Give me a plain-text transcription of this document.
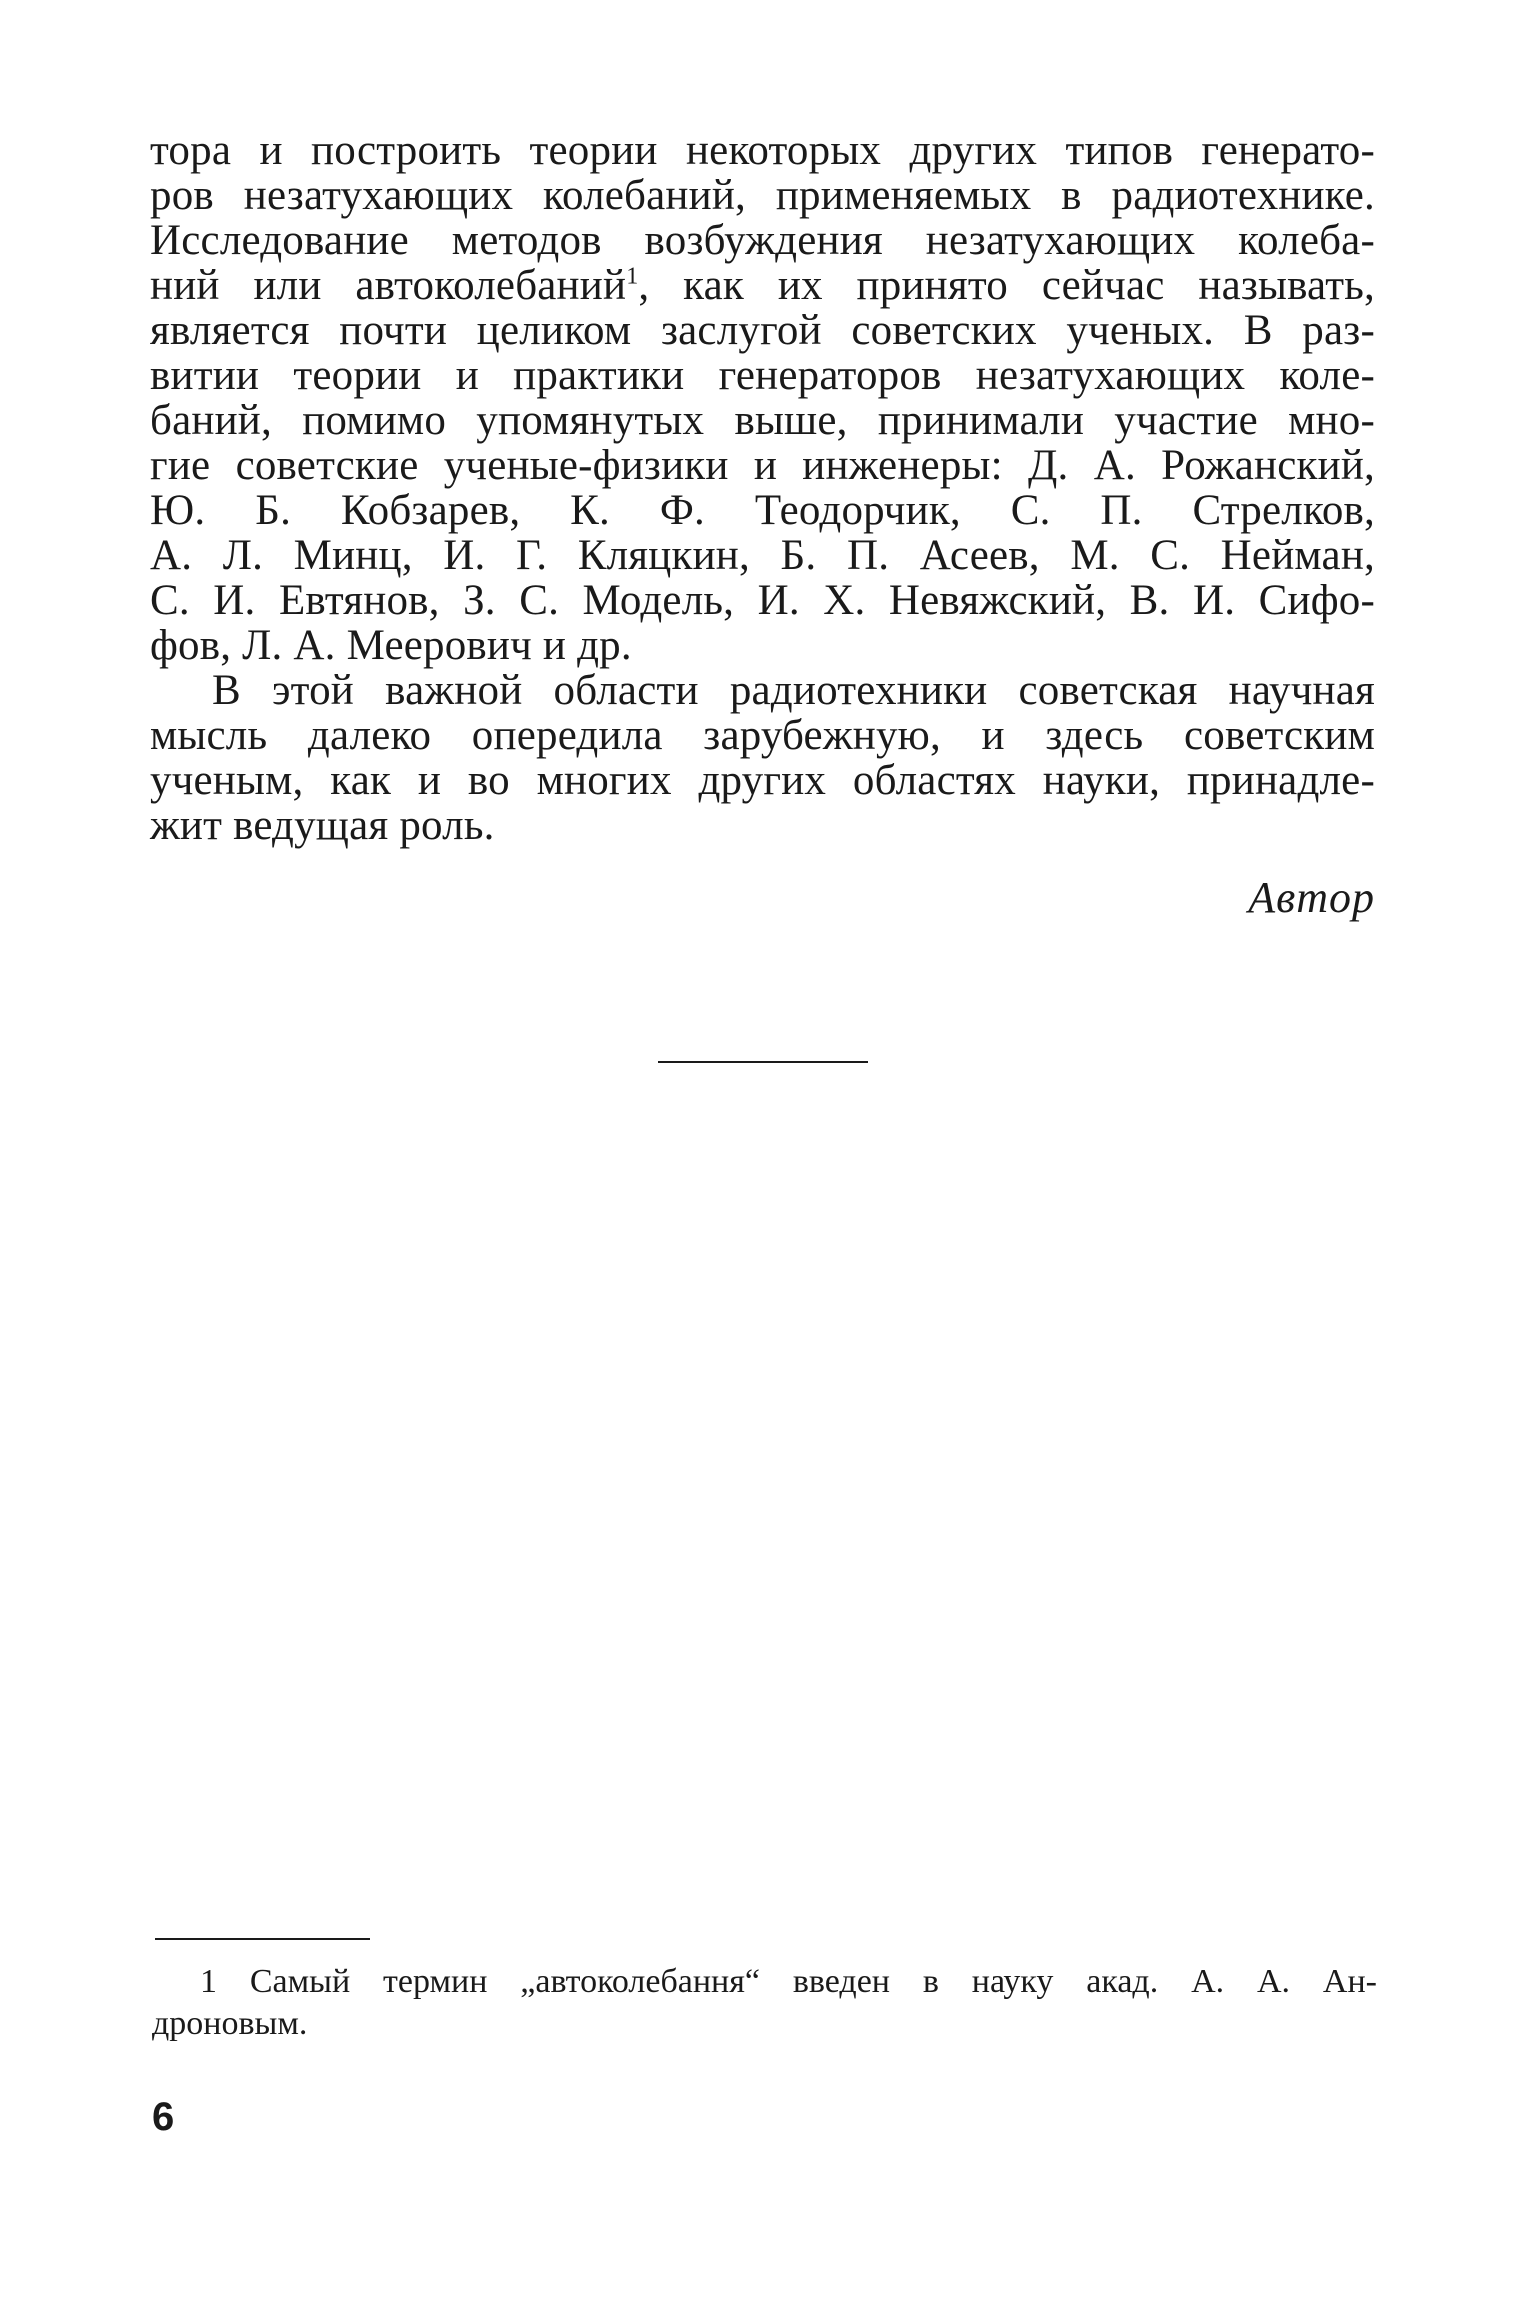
тора и построить теории некоторых других типов генерато-
ров незатухающих колебаний, применяемых в радиотехнике.
Исследование методов возбуждения незатухающих колеба-
ний или автоколебаний$^1$, как их принято сейчас называть,
является почти целиком заслугой советских ученых. В раз-
витии теории и практики генераторов незатухающих коле-
баний, помимо упомянутых выше, принимали участие мно-
гие советские ученые-физики и инженеры: Д. А. Рожанский,
Ю. Б. Кобзарев, К. Ф. Теодорчик, С. П. Стрелков,
А. Л. Минц, И. Г. Кляцкин, Б. П. Асеев, М. С. Нейман,
С. И. Евтянов, З. С. Модель, И. Х. Невяжский, В. И. Сифо-
фов, Л. А. Меерович и др.
В этой важной области радиотехники советская научная
мысль далеко опередила зарубежную, и здесь советским
ученым, как и во многих других областях науки, принадле-
жит ведущая роль.
Автор
1 Самый термин „автоколебання“ введен в науку акад. А. А. Ан-
дроновым.
6
